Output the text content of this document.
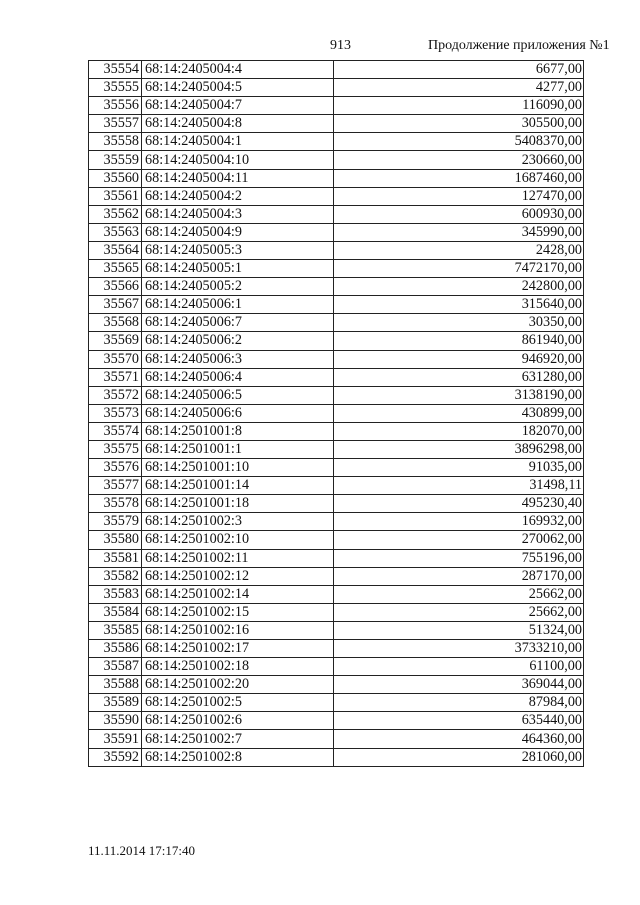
913	Продолжение приложения №1
35554	68:14:2405004:4	6677,00
35555	68:14:2405004:5	4277,00
35556	68:14:2405004:7	116090,00
35557	68:14:2405004:8	305500,00
35558	68:14:2405004:1	5408370,00
35559	68:14:2405004:10	230660,00
35560	68:14:2405004:11	1687460,00
35561	68:14:2405004:2	127470,00
35562	68:14:2405004:3	600930,00
35563	68:14:2405004:9	345990,00
35564	68:14:2405005:3	2428,00
35565	68:14:2405005:1	7472170,00
35566	68:14:2405005:2	242800,00
35567	68:14:2405006:1	315640,00
35568	68:14:2405006:7	30350,00
35569	68:14:2405006:2	861940,00
35570	68:14:2405006:3	946920,00
35571	68:14:2405006:4	631280,00
35572	68:14:2405006:5	3138190,00
35573	68:14:2405006:6	430899,00
35574	68:14:2501001:8	182070,00
35575	68:14:2501001:1	3896298,00
35576	68:14:2501001:10	91035,00
35577	68:14:2501001:14	31498,11
35578	68:14:2501001:18	495230,40
35579	68:14:2501002:3	169932,00
35580	68:14:2501002:10	270062,00
35581	68:14:2501002:11	755196,00
35582	68:14:2501002:12	287170,00
35583	68:14:2501002:14	25662,00
35584	68:14:2501002:15	25662,00
35585	68:14:2501002:16	51324,00
35586	68:14:2501002:17	3733210,00
35587	68:14:2501002:18	61100,00
35588	68:14:2501002:20	369044,00
35589	68:14:2501002:5	87984,00
35590	68:14:2501002:6	635440,00
35591	68:14:2501002:7	464360,00
35592	68:14:2501002:8	281060,00
11.11.2014 17:17:40
